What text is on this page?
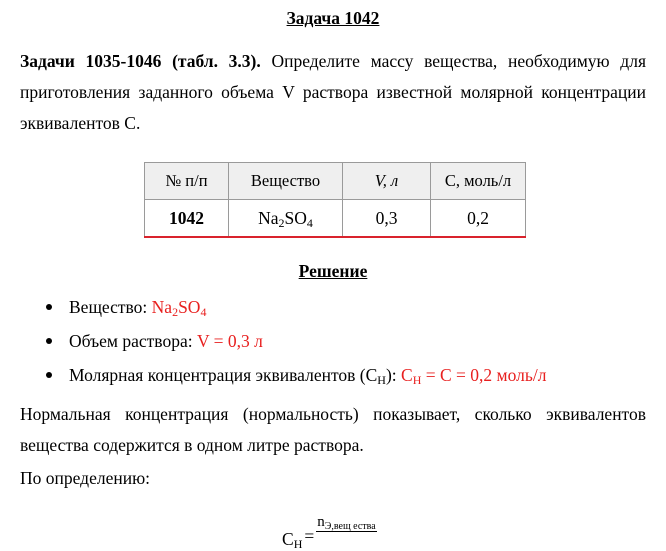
Задача 1042
Задачи 1035-1046 (табл. 3.3). Определите массу вещества, необходимую для приготовления заданного объема V раствора известной молярной концентрации эквивалентов С.
№ п/п	Вещество	V, л	C, моль/л
1042	$Na_2SO_4$	0,3	0,2
Решение
Вещество: $Na_2SO_4$
Объем раствора: V = 0,3 л
Молярная концентрация эквивалентов $(С_Н)$: $С_Н = С = 0,2$ моль/л
Нормальная концентрация (нормальность) показывает, сколько эквивалентов вещества содержится в одном литре раствора.
По определению:
$С_Н$ =
$n_{Э,вещ ества}$
